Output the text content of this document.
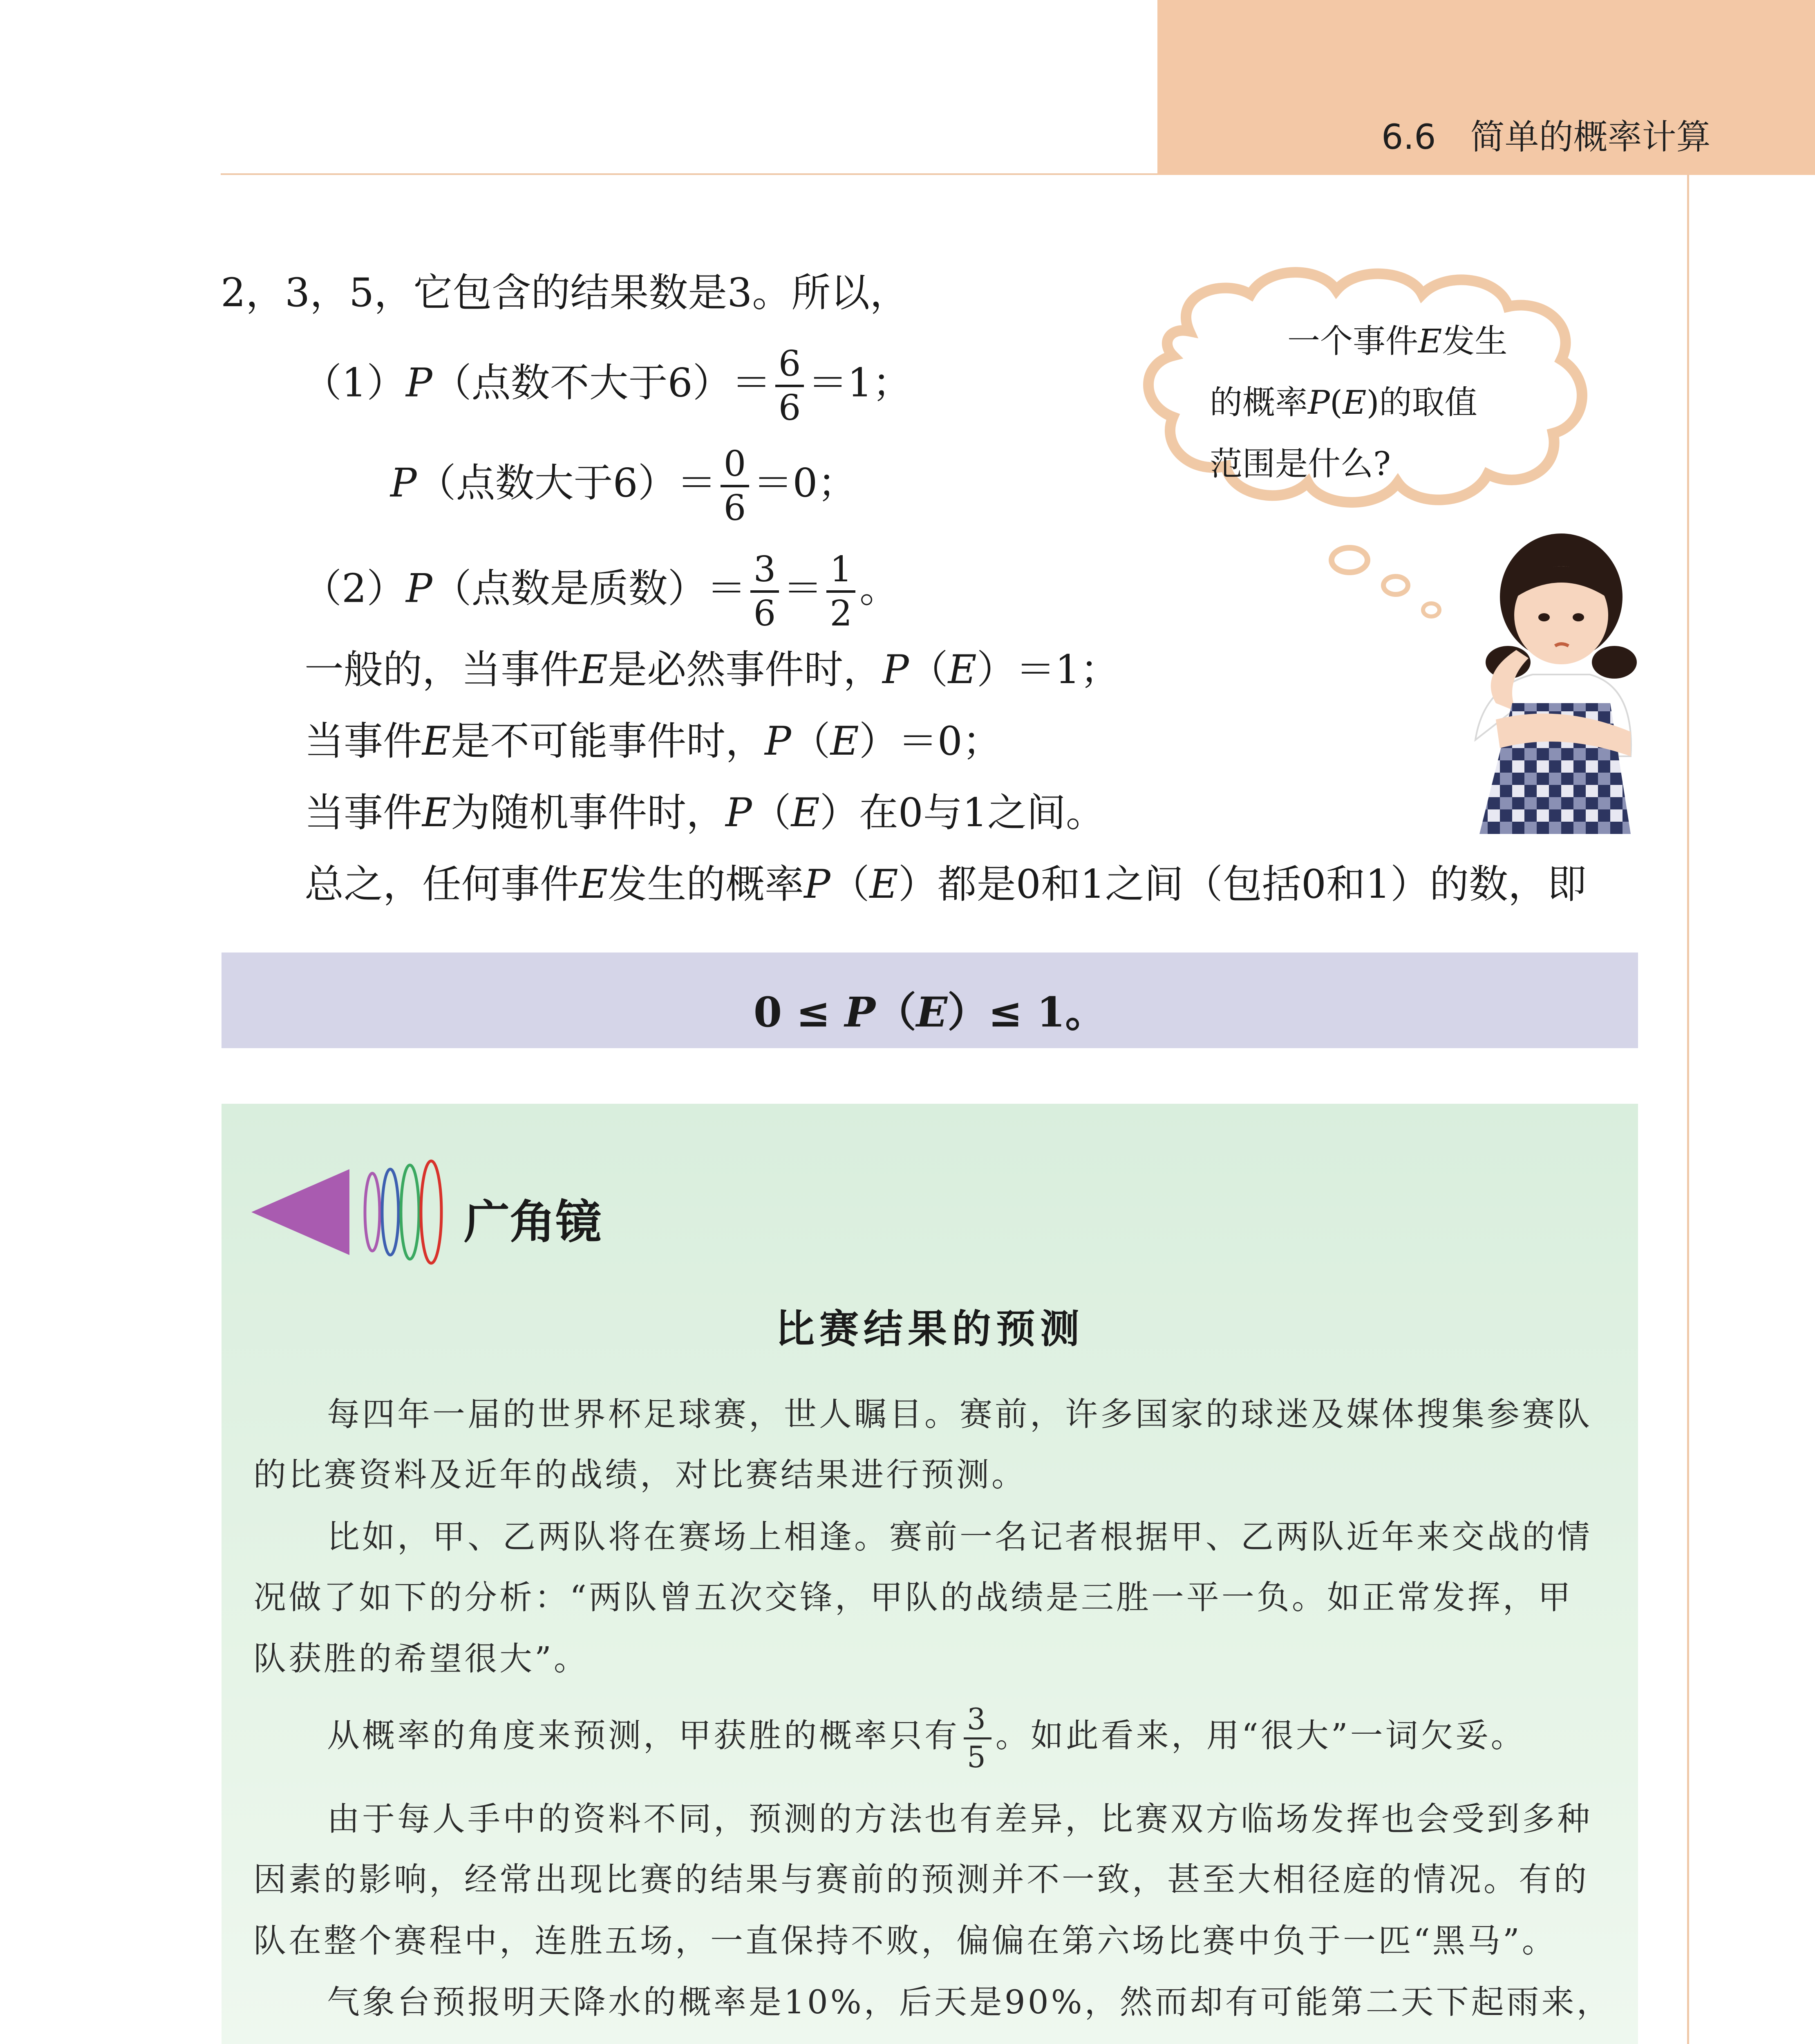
6.6　简单的概率计算
2，3，5，它包含的结果数是3。所以，
（1）P（点数不大于$6)= \frac{6}{6} =1$；
P（点数大于$6)= \frac{0}{6} =0$；
（2）P（点数是质数）＝ $\frac{3}{6} = \frac{1}{2}$ 。
一般的，当事件E是必然事件时，P（E）＝1；
当事件E是不可能事件时，P（E）＝0；
当事件E为随机事件时，P（E）在0与1之间。
总之，任何事件E发生的概率P（E）都是0和1之间（包括0和1）的数，即
一个事件E发生
的概率P(E)的取值
范围是什么?
0 ≤ P（E）≤ 1。
广角镜
比赛结果的预测
每四年一届的世界杯足球赛，世人瞩目。赛前，许多国家的球迷及媒体搜集参赛队
的比赛资料及近年的战绩，对比赛结果进行预测。
比如，甲、乙两队将在赛场上相逢。赛前一名记者根据甲、乙两队近年来交战的情
况做了如下的分析：“两队曾五次交锋，甲队的战绩是三胜一平一负。如正常发挥，甲
队获胜的希望很大”。
从概率的角度来预测，甲获胜的概率只有 $\frac{3}{5}$ 。如此看来，用“很大”一词欠妥。
由于每人手中的资料不同，预测的方法也有差异，比赛双方临场发挥也会受到多种
因素的影响，经常出现比赛的结果与赛前的预测并不一致，甚至大相径庭的情况。有的
队在整个赛程中，连胜五场，一直保持不败，偏偏在第六场比赛中负于一匹“黑马”。
气象台预报明天降水的概率是10%，后天是90%，然而却有可能第二天下起雨来，
